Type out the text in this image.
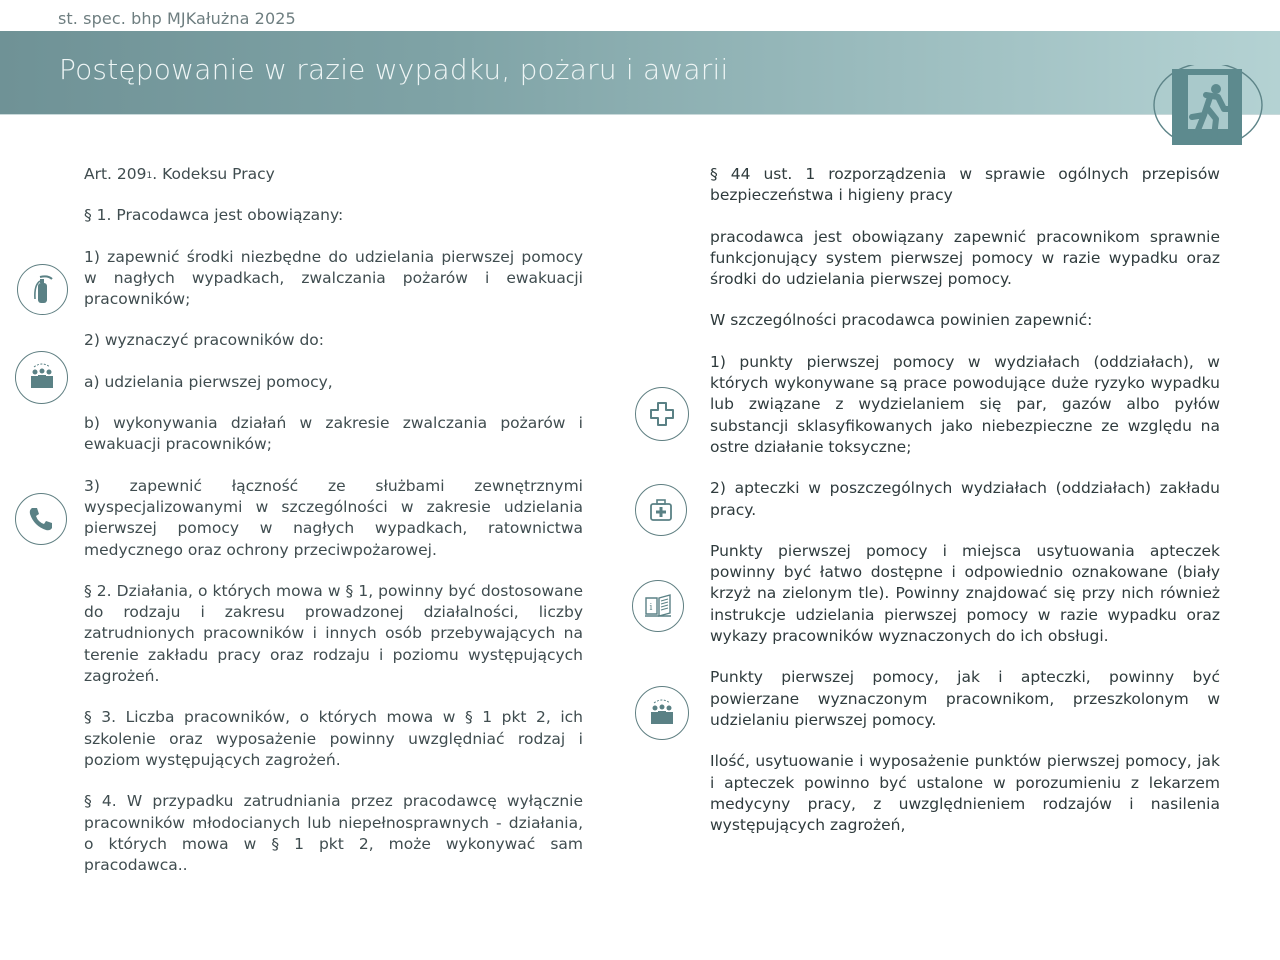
st. spec. bhp MJKałużna 2025
Postępowanie w razie wypadku, pożaru i awarii
i

Art. $209^1$. Kodeksu Pracy

§ 1. Pracodawca jest obowiązany:

1) zapewnić środki niezbędne do udzielania pierwszej pomocy w nagłych wypadkach, zwalczania pożarów i ewakuacji pracowników;

2) wyznaczyć pracowników do:

a) udzielania pierwszej pomocy,

b) wykonywania działań w zakresie zwalczania pożarów i ewakuacji pracowników;

3) zapewnić łączność ze służbami zewnętrznymi wyspecjalizowanymi w szczególności w zakresie udzielania pierwszej pomocy w nagłych wypadkach, ratownictwa medycznego oraz ochrony przeciwpożarowej.

§ 2. Działania, o których mowa w § 1, powinny być dostosowane do rodzaju i zakresu prowadzonej działalności, liczby zatrudnionych pracowników i innych osób przebywających na terenie zakładu pracy oraz rodzaju i poziomu występujących zagrożeń.

§ 3. Liczba pracowników, o których mowa w § 1 pkt 2, ich szkolenie oraz wyposażenie powinny uwzględniać rodzaj i poziom występujących zagrożeń.

§ 4. W przypadku zatrudniania przez pracodawcę wyłącznie pracowników młodocianych lub niepełnosprawnych - działania, o których mowa w § 1 pkt 2, może wykonywać sam pracodawca..

§ 44 ust. 1 rozporządzenia w sprawie ogólnych przepisów bezpieczeństwa i higieny pracy

pracodawca jest obowiązany zapewnić pracownikom sprawnie funkcjonujący system pierwszej pomocy w razie wypadku oraz środki do udzielania pierwszej pomocy.

W szczególności pracodawca powinien zapewnić:

1) punkty pierwszej pomocy w wydziałach (oddziałach), w których wykonywane są prace powodujące duże ryzyko wypadku lub związane z wydzielaniem się par, gazów albo pyłów substancji sklasyfikowanych jako niebezpieczne ze względu na ostre działanie toksyczne;

2) apteczki w poszczególnych wydziałach (oddziałach) zakładu pracy.

Punkty pierwszej pomocy i miejsca usytuowania apteczek powinny być łatwo dostępne i odpowiednio oznakowane (biały krzyż na zielonym tle). Powinny znajdować się przy nich również instrukcje udzielania pierwszej pomocy w razie wypadku oraz wykazy pracowników wyznaczonych do ich obsługi.

Punkty pierwszej pomocy, jak i apteczki, powinny być powierzane wyznaczonym pracownikom, przeszkolonym w udzielaniu pierwszej pomocy.

Ilość, usytuowanie i wyposażenie punktów pierwszej pomocy, jak i apteczek powinno być ustalone w porozumieniu z lekarzem medycyny pracy, z uwzględnieniem rodzajów i nasilenia występujących zagrożeń,
